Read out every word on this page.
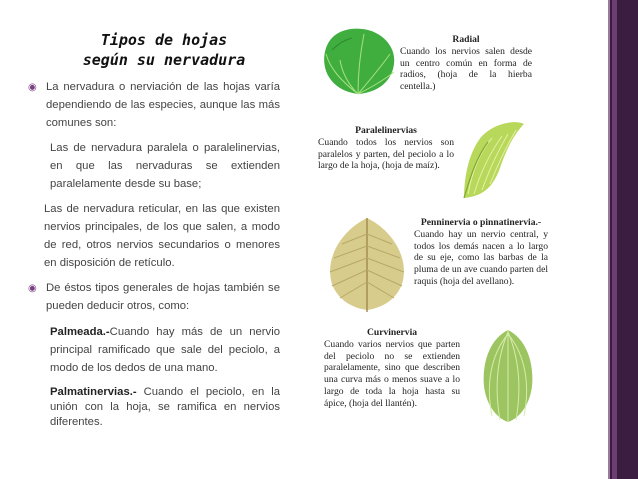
Tipos de hojas
según su nervadura
◉ La nervadura o nerviación de las hojas varía dependiendo de las especies, aunque las más comunes son:
Las de nervadura paralela o paralelinervias, en que las nervaduras se extienden paralelamente desde su base;
Las de nervadura reticular, en las que existen nervios principales, de los que salen, a modo de red, otros nervios secundarios o menores en disposición de retículo.
◉ De éstos tipos generales de hojas también se pueden deducir otros, como:
Palmeada.-Cuando hay más de un nervio principal ramificado que sale del peciolo, a modo de los dedos de una mano.
Palmatinervias.- Cuando el peciolo, en la unión con la hoja, se ramifica en nervios diferentes.
Radial
Cuando los nervios salen desde un centro común en forma de radios, (hoja de la hierba centella.)
Paralelinervias
Cuando todos los nervios son paralelos y parten, del peciolo a lo largo de la hoja, (hoja de maíz).
Penninervia o pinnatinervia.-
Cuando hay un nervio central, y todos los demás nacen a lo largo de su eje, como las barbas de la pluma de un ave cuando parten del raquis (hoja del avellano).
Curvinervia
Cuando varios nervios que parten del peciolo no se extienden paralelamente, sino que describen una curva más o menos suave a lo largo de toda la hoja hasta su ápice, (hoja del llantén).
